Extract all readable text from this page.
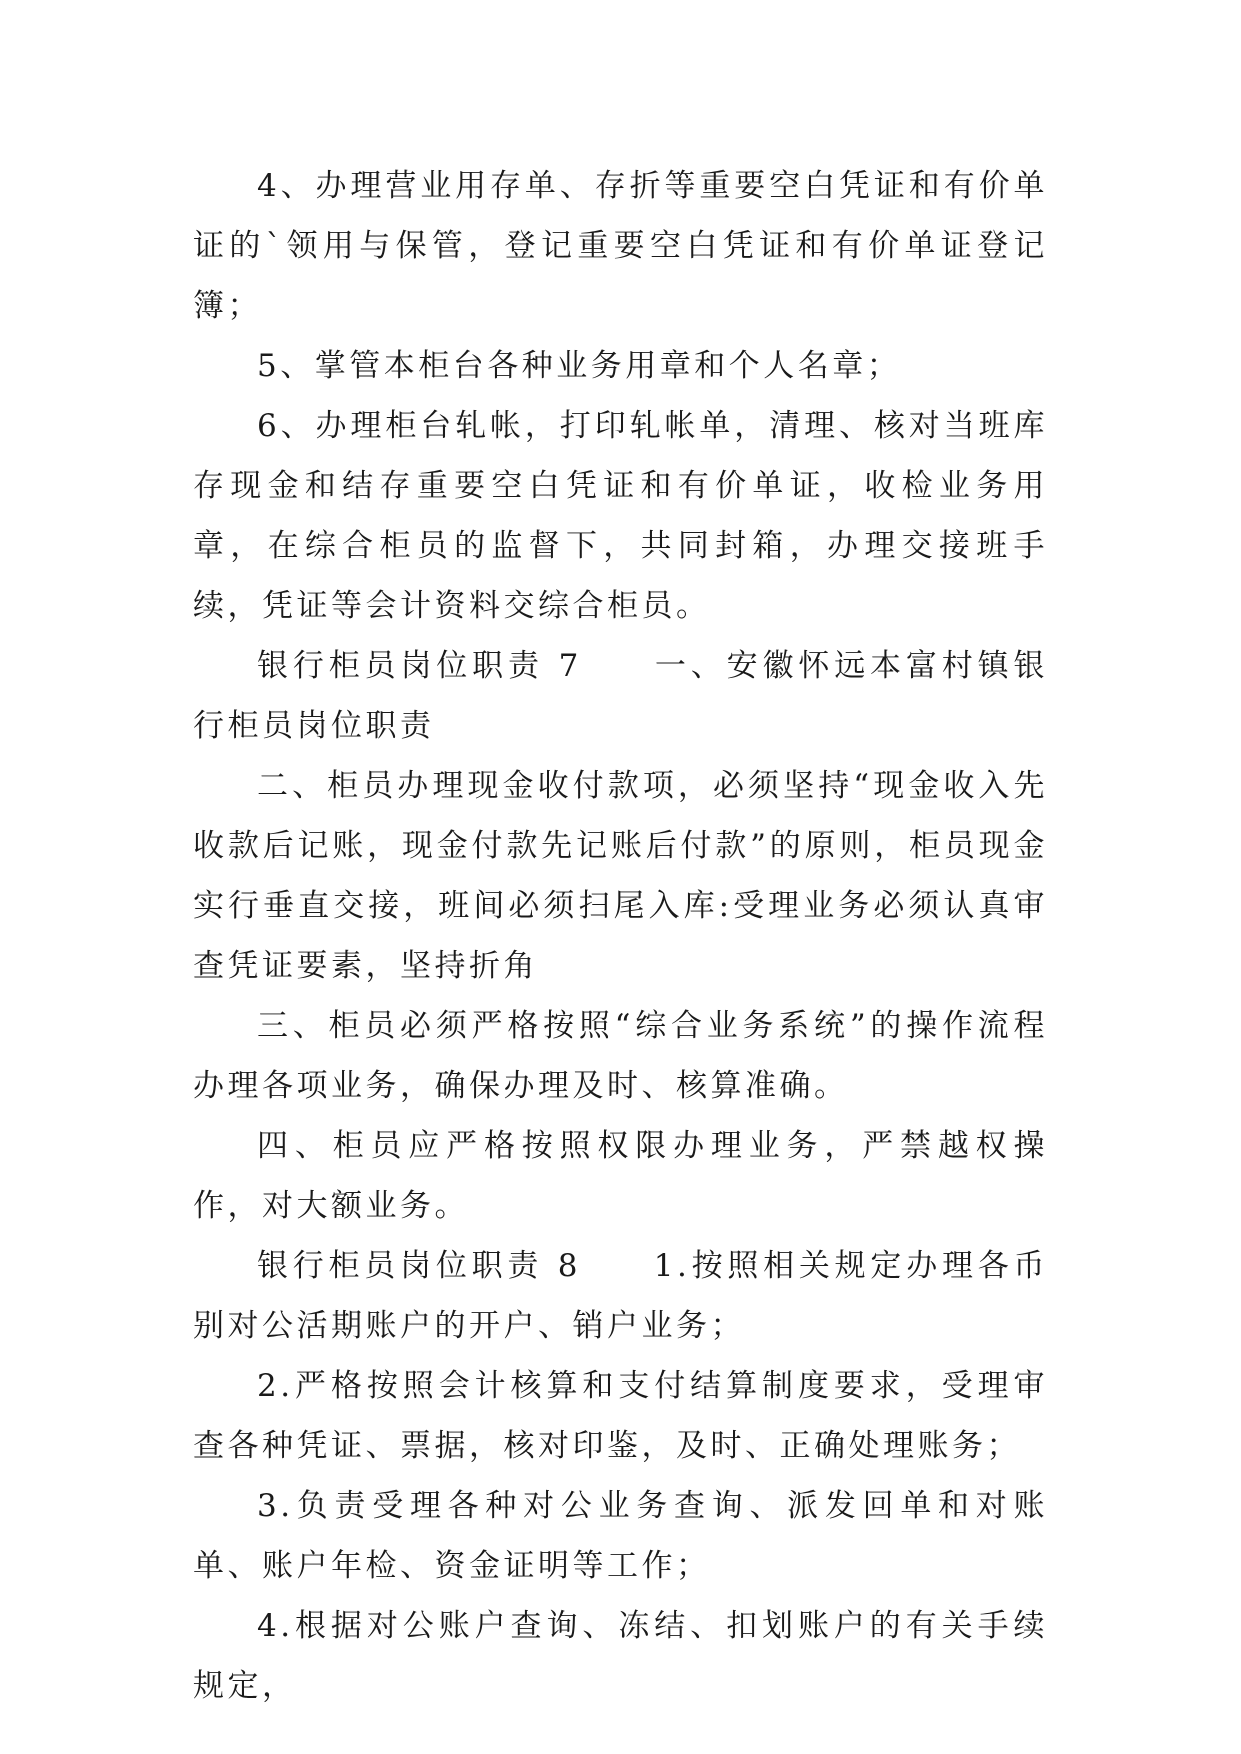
4、办理营业用存单、存折等重要空白凭证和有价单证的`领用与保管，登记重要空白凭证和有价单证登记簿；

5、掌管本柜台各种业务用章和个人名章；

6、办理柜台轧帐，打印轧帐单，清理、核对当班库存现金和结存重要空白凭证和有价单证，收检业务用章，在综合柜员的监督下，共同封箱，办理交接班手续，凭证等会计资料交综合柜员。

银行柜员岗位职责 7　　一、安徽怀远本富村镇银行柜员岗位职责

二、柜员办理现金收付款项，必须坚持“现金收入先收款后记账，现金付款先记账后付款”的原则，柜员现金实行垂直交接，班间必须扫尾入库:受理业务必须认真审查凭证要素，坚持折角

三、柜员必须严格按照“综合业务系统”的操作流程办理各项业务，确保办理及时、核算准确。

四、柜员应严格按照权限办理业务，严禁越权操作，对大额业务。

银行柜员岗位职责 8　　1.按照相关规定办理各币别对公活期账户的开户、销户业务；

2.严格按照会计核算和支付结算制度要求，受理审查各种凭证、票据，核对印鉴，及时、正确处理账务；

3.负责受理各种对公业务查询、派发回单和对账单、账户年检、资金证明等工作；

4.根据对公账户查询、冻结、扣划账户的有关手续规定，
